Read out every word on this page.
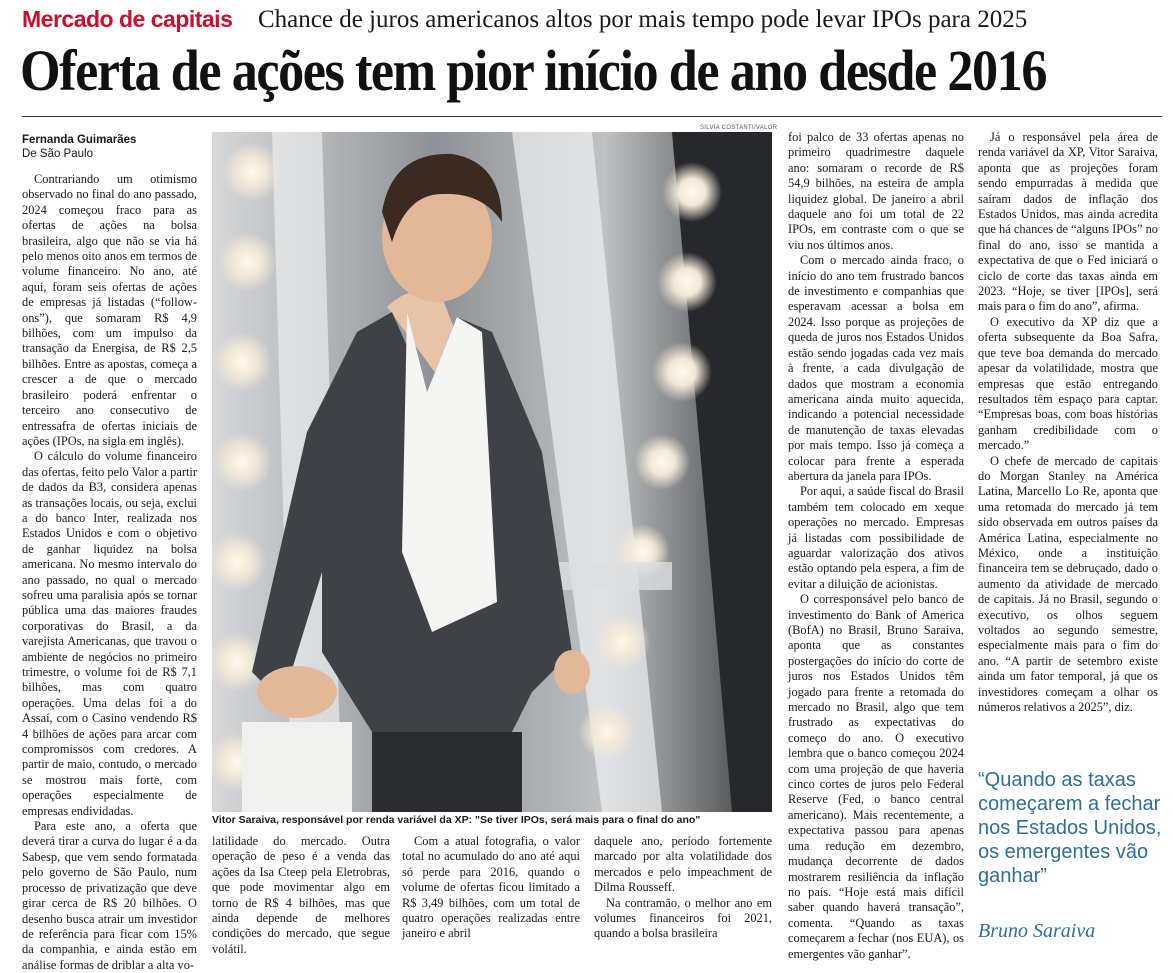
Mercado de capitais Chance de juros americanos altos por mais tempo pode levar IPOs para 2025
Oferta de ações tem pior início de ano desde 2016
Fernanda Guimarães
De São Paulo

Contrariando um otimismo observado no final do ano passado, 2024 começou fraco para as ofertas de ações na bolsa brasileira, algo que não se via há pelo menos oito anos em termos de volume financeiro. No ano, até aqui, foram seis ofertas de ações de empresas já listadas (“follow-ons”), que somaram R$ 4,9 bilhões, com um impulso da transação da Energisa, de R$ 2,5 bilhões. Entre as apostas, começa a crescer a de que o mercado brasileiro poderá enfrentar o terceiro ano consecutivo de entressafra de ofertas iniciais de ações (IPOs, na sigla em inglês).

O cálculo do volume financeiro das ofertas, feito pelo Valor a partir de dados da B3, considera apenas as transações locais, ou seja, exclui a do banco Inter, realizada nos Estados Unidos e com o objetivo de ganhar liquidez na bolsa americana. No mesmo intervalo do ano passado, no qual o mercado sofreu uma paralisia após se tornar pública uma das maiores fraudes corporativas do Brasil, a da varejista Americanas, que travou o ambiente de negócios no primeiro trimestre, o volume foi de R$ 7,1 bilhões, mas com quatro operações. Uma delas foi a do Assaí, com o Casino vendendo R$ 4 bilhões de ações para arcar com compromissos com credores. A partir de maio, contudo, o mercado se mostrou mais forte, com operações especialmente de empresas endividadas.

Para este ano, a oferta que deverá tirar a curva do lugar é a da Sabesp, que vem sendo formatada pelo governo de São Paulo, num processo de privatização que deve girar cerca de R$ 20 bilhões. O desenho busca atrair um investidor de referência para ficar com 15% da companhia, e ainda estão em análise formas de driblar a alta vo-

SILVIA COSTANTI/VALOR
Vitor Saraiva, responsável por renda variável da XP: "Se tiver IPOs, será mais para o final do ano"

latilidade do mercado. Outra operação de peso é a venda das ações da Isa Cteep pela Eletrobras, que pode movimentar algo em torno de R$ 4 bilhões, mas que ainda depende de melhores condições do mercado, que segue volátil.

Com a atual fotografia, o valor total no acumulado do ano até aqui só perde para 2016, quando o volume de ofertas ficou limitado a R$ 3,49 bilhões, com um total de quatro operações realizadas entre janeiro e abril

daquele ano, período fortemente marcado por alta volatilidade dos mercados e pelo impeachment de Dilma Rousseff.

Na contramão, o melhor ano em volumes financeiros foi 2021, quando a bolsa brasileira

foi palco de 33 ofertas apenas no primeiro quadrimestre daquele ano: somaram o recorde de R$ 54,9 bilhões, na esteira de ampla liquidez global. De janeiro a abril daquele ano foi um total de 22 IPOs, em contraste com o que se viu nos últimos anos.

Com o mercado ainda fraco, o início do ano tem frustrado bancos de investimento e companhias que esperavam acessar a bolsa em 2024. Isso porque as projeções de queda de juros nos Estados Unidos estão sendo jogadas cada vez mais à frente, a cada divulgação de dados que mostram a economia americana ainda muito aquecida, indicando a potencial necessidade de manutenção de taxas elevadas por mais tempo. Isso já começa a colocar para frente a esperada abertura da janela para IPOs.

Por aqui, a saúde fiscal do Brasil também tem colocado em xeque operações no mercado. Empresas já listadas com possibilidade de aguardar valorização dos ativos estão optando pela espera, a fim de evitar a diluição de acionistas.

O corresponsável pelo banco de investimento do Bank of America (BofA) no Brasil, Bruno Saraiva, aponta que as constantes postergações do início do corte de juros nos Estados Unidos têm jogado para frente a retomada do mercado no Brasil, algo que tem frustrado as expectativas do começo do ano. O executivo lembra que o banco começou 2024 com uma projeção de que haveria cinco cortes de juros pelo Federal Reserve (Fed, o banco central americano). Mais recentemente, a expectativa passou para apenas uma redução em dezembro, mudança decorrente de dados mostrarem resiliência da inflação no país. “Hoje está mais difícil saber quando haverá transação”, comenta. “Quando as taxas começarem a fechar (nos EUA), os emergentes vão ganhar”.

Já o responsável pela área de renda variável da XP, Vitor Saraiva, aponta que as projeções foram sendo empurradas à medida que saíram dados de inflação dos Estados Unidos, mas ainda acredita que há chances de “alguns IPOs” no final do ano, isso se mantida a expectativa de que o Fed iniciará o ciclo de corte das taxas ainda em 2023. “Hoje, se tiver [IPOs], será mais para o fim do ano”, afirma.

O executivo da XP diz que a oferta subsequente da Boa Safra, que teve boa demanda do mercado apesar da volatilidade, mostra que empresas que estão entregando resultados têm espaço para captar. “Empresas boas, com boas histórias ganham credibilidade com o mercado.”

O chefe de mercado de capitais do Morgan Stanley na América Latina, Marcello Lo Re, aponta que uma retomada do mercado já tem sido observada em outros países da América Latina, especialmente no México, onde a instituição financeira tem se debruçado, dado o aumento da atividade de mercado de capitais. Já no Brasil, segundo o executivo, os olhos seguem voltados ao segundo semestre, especialmente mais para o fim do ano. “A partir de setembro existe ainda um fator temporal, já que os investidores começam a olhar os números relativos a 2025”, diz.

“Quando as taxas começarem a fechar nos Estados Unidos, os emergentes vão ganhar”
Bruno Saraiva
